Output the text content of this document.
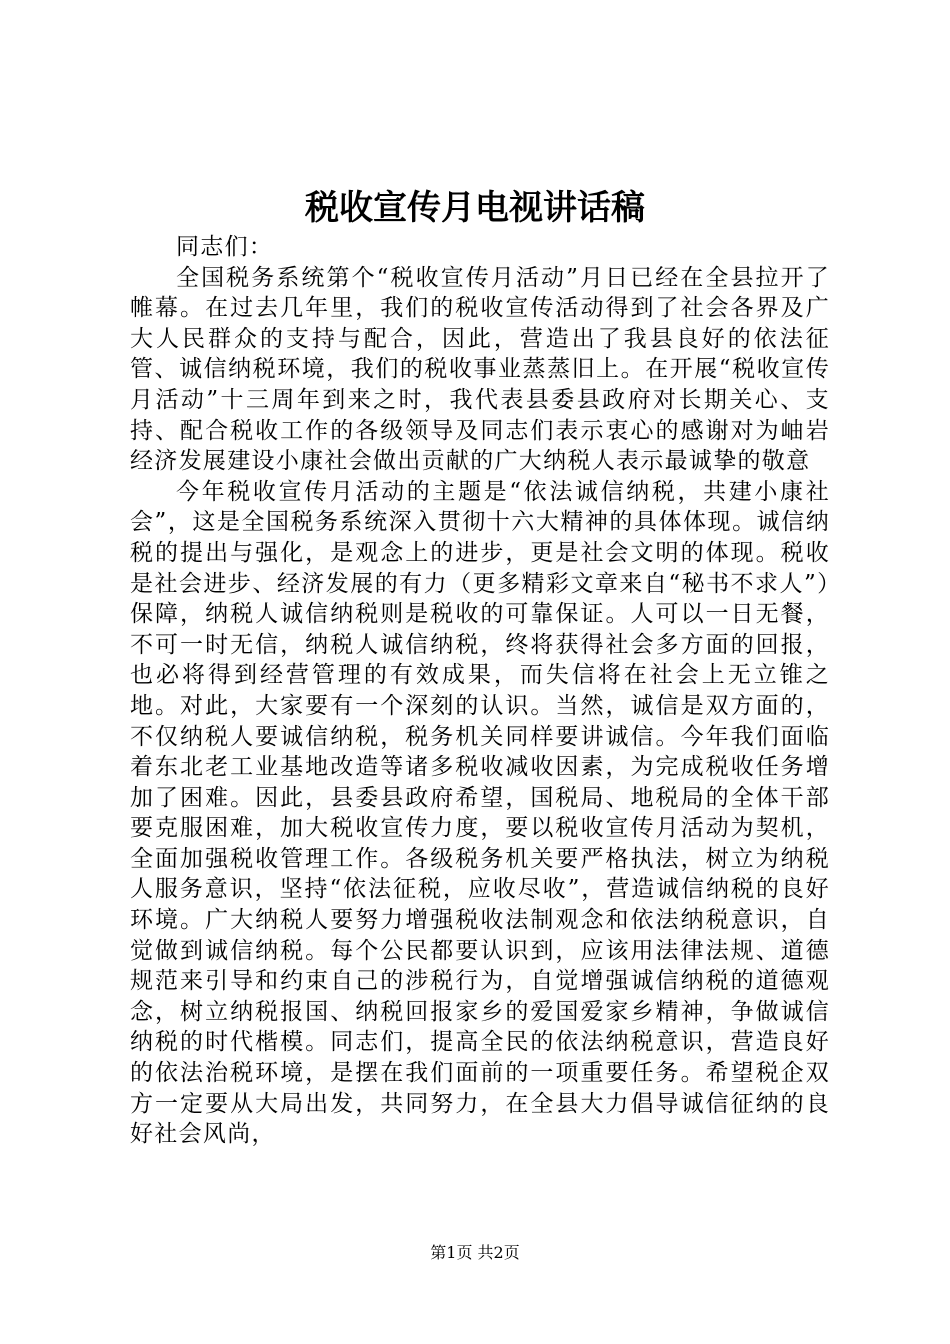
税收宣传月电视讲话稿

同志们：

全国税务系统第个“税收宣传月活动”月日已经在全县拉开了帷幕。在过去几年里，我们的税收宣传活动得到了社会各界及广大人民群众的支持与配合，因此，营造出了我县良好的依法征管、诚信纳税环境，我们的税收事业蒸蒸旧上。在开展“税收宣传月活动”十三周年到来之时，我代表县委县政府对长期关心、支持、配合税收工作的各级领导及同志们表示衷心的感谢对为岫岩经济发展建设小康社会做出贡献的广大纳税人表示最诚挚的敬意

今年税收宣传月活动的主题是“依法诚信纳税，共建小康社会”，这是全国税务系统深入贯彻十六大精神的具体体现。诚信纳税的提出与强化，是观念上的进步，更是社会文明的体现。税收是社会进步、经济发展的有力（更多精彩文章来自“秘书不求人”）保障，纳税人诚信纳税则是税收的可靠保证。人可以一日无餐，不可一时无信，纳税人诚信纳税，终将获得社会多方面的回报，也必将得到经营管理的有效成果，而失信将在社会上无立锥之地。对此，大家要有一个深刻的认识。当然，诚信是双方面的，不仅纳税人要诚信纳税，税务机关同样要讲诚信。今年我们面临着东北老工业基地改造等诸多税收减收因素，为完成税收任务增加了困难。因此，县委县政府希望，国税局、地税局的全体干部要克服困难，加大税收宣传力度，要以税收宣传月活动为契机，全面加强税收管理工作。各级税务机关要严格执法，树立为纳税人服务意识，坚持“依法征税，应收尽收”，营造诚信纳税的良好环境。广大纳税人要努力增强税收法制观念和依法纳税意识，自觉做到诚信纳税。每个公民都要认识到，应该用法律法规、道德规范来引导和约束自己的涉税行为，自觉增强诚信纳税的道德观念，树立纳税报国、纳税回报家乡的爱国爱家乡精神，争做诚信纳税的时代楷模。同志们，提高全民的依法纳税意识，营造良好的依法治税环境，是摆在我们面前的一项重要任务。希望税企双方一定要从大局出发，共同努力，在全县大力倡导诚信征纳的良好社会风尚，

第1页 共2页
